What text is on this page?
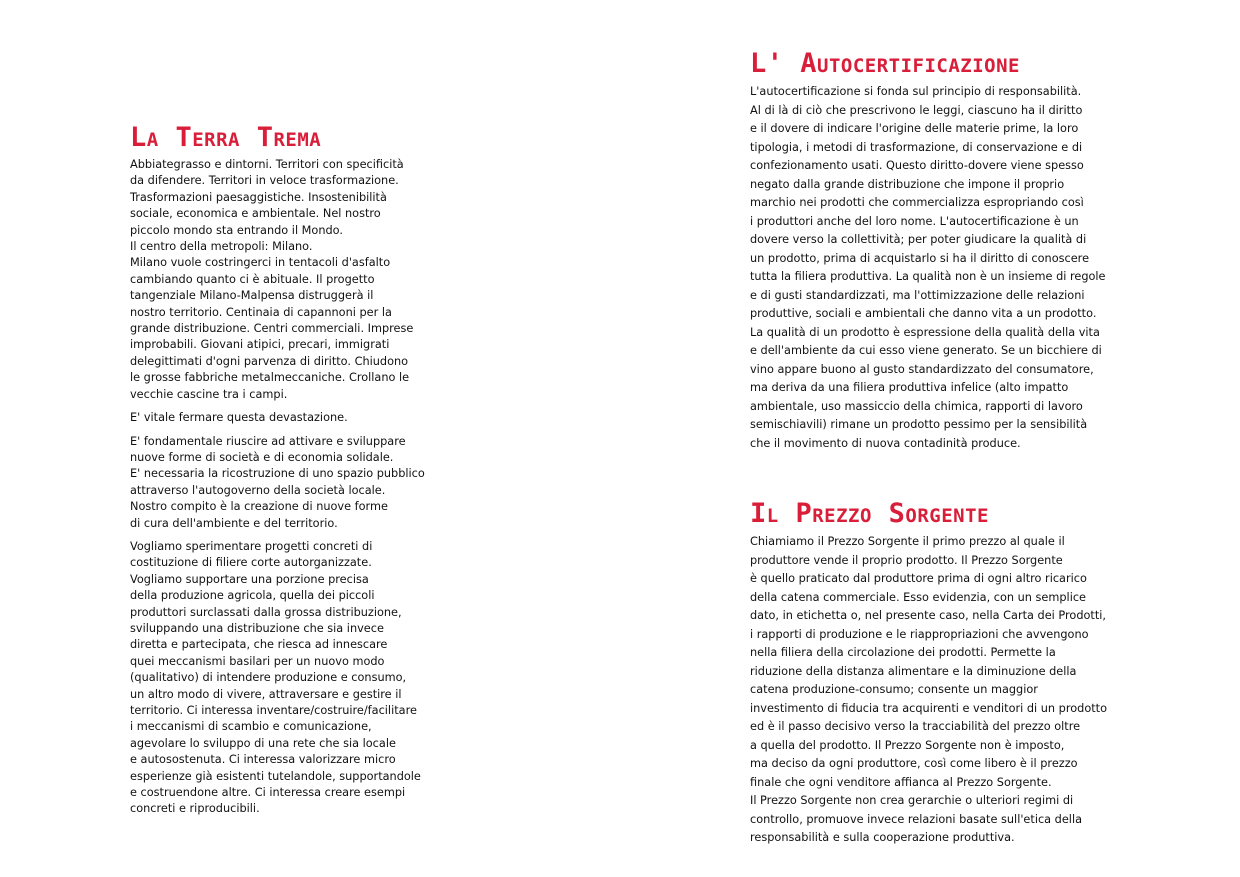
La Terra Trema

Abbiategrasso e dintorni. Territori con specificità
da difendere. Territori in veloce trasformazione.
Trasformazioni paesaggistiche. Insostenibilità
sociale, economica e ambientale. Nel nostro
piccolo mondo sta entrando il Mondo.
Il centro della metropoli: Milano.
Milano vuole costringerci in tentacoli d'asfalto
cambiando quanto ci è abituale. Il progetto
tangenziale Milano-Malpensa distruggerà il
nostro territorio. Centinaia di capannoni per la
grande distribuzione. Centri commerciali. Imprese
improbabili. Giovani atipici, precari, immigrati
delegittimati d'ogni parvenza di diritto. Chiudono
le grosse fabbriche metalmeccaniche. Crollano le
vecchie cascine tra i campi.

E' vitale fermare questa devastazione.

E' fondamentale riuscire ad attivare e sviluppare
nuove forme di società e di economia solidale.
E' necessaria la ricostruzione di uno spazio pubblico
attraverso l'autogoverno della società locale.
Nostro compito è la creazione di nuove forme
di cura dell'ambiente e del territorio.

Vogliamo sperimentare progetti concreti di
costituzione di filiere corte autorganizzate.
Vogliamo supportare una porzione precisa
della produzione agricola, quella dei piccoli
produttori surclassati dalla grossa distribuzione,
sviluppando una distribuzione che sia invece
diretta e partecipata, che riesca ad innescare
quei meccanismi basilari per un nuovo modo
(qualitativo) di intendere produzione e consumo,
un altro modo di vivere, attraversare e gestire il
territorio. Ci interessa inventare/costruire/facilitare
i meccanismi di scambio e comunicazione,
agevolare lo sviluppo di una rete che sia locale
e autosostenuta. Ci interessa valorizzare micro
esperienze già esistenti tutelandole, supportandole
e costruendone altre. Ci interessa creare esempi
concreti e riproducibili.

L' Autocertificazione

L'autocertificazione si fonda sul principio di responsabilità.
Al di là di ciò che prescrivono le leggi, ciascuno ha il diritto
e il dovere di indicare l'origine delle materie prime, la loro
tipologia, i metodi di trasformazione, di conservazione e di
confezionamento usati. Questo diritto-dovere viene spesso
negato dalla grande distribuzione che impone il proprio
marchio nei prodotti che commercializza espropriando così
i produttori anche del loro nome. L'autocertificazione è un
dovere verso la collettività; per poter giudicare la qualità di
un prodotto, prima di acquistarlo si ha il diritto di conoscere
tutta la filiera produttiva. La qualità non è un insieme di regole
e di gusti standardizzati, ma l'ottimizzazione delle relazioni
produttive, sociali e ambientali che danno vita a un prodotto.
La qualità di un prodotto è espressione della qualità della vita
e dell'ambiente da cui esso viene generato. Se un bicchiere di
vino appare buono al gusto standardizzato del consumatore,
ma deriva da una filiera produttiva infelice (alto impatto
ambientale, uso massiccio della chimica, rapporti di lavoro
semischiavili) rimane un prodotto pessimo per la sensibilità
che il movimento di nuova contadinità produce.

Il Prezzo Sorgente

Chiamiamo il Prezzo Sorgente il primo prezzo al quale il
produttore vende il proprio prodotto. Il Prezzo Sorgente
è quello praticato dal produttore prima di ogni altro ricarico
della catena commerciale. Esso evidenzia, con un semplice
dato, in etichetta o, nel presente caso, nella Carta dei Prodotti,
i rapporti di produzione e le riappropriazioni che avvengono
nella filiera della circolazione dei prodotti. Permette la
riduzione della distanza alimentare e la diminuzione della
catena produzione-consumo; consente un maggior
investimento di fiducia tra acquirenti e venditori di un prodotto
ed è il passo decisivo verso la tracciabilità del prezzo oltre
a quella del prodotto. Il Prezzo Sorgente non è imposto,
ma deciso da ogni produttore, così come libero è il prezzo
finale che ogni venditore affianca al Prezzo Sorgente.
Il Prezzo Sorgente non crea gerarchie o ulteriori regimi di
controllo, promuove invece relazioni basate sull'etica della
responsabilità e sulla cooperazione produttiva.
